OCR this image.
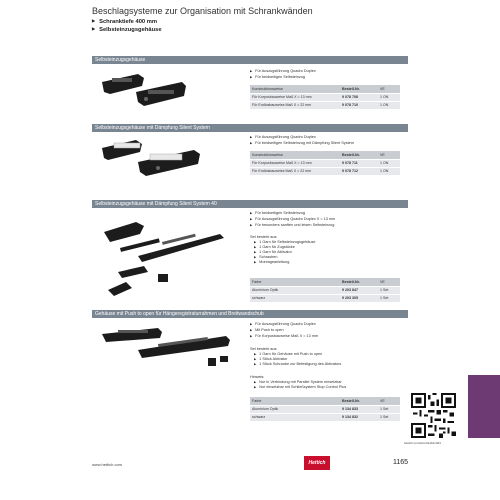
Beschlagsysteme zur Organisation mit Schrankwänden
▶ Schranktiefe 400 mm
▶ Selbsteinzugsgehäuse
Selbsteinzugsgehäuse
▶ Für Auszugsführung Quadro Duplex
▶ Für beidseitigen Selbsteinzug
Konstruktionsweise	Bestell-Nr.	VE
Für Korpusbauweise Maß X = 13 mm	9 078 708	1 ON
Für Endlosbauweise Maß X = 22 mm	9 078 710	1 ON
Selbsteinzugsgehäuse mit Dämpfung Silent System
▶ Für Auszugsführung Quadro Duplex
▶ Für beidseitigen Selbsteinzug mit Dämpfung Silent System
Konstruktionsweise	Bestell-Nr.	VE
Für Korpusbauweise Maß X = 13 mm	9 078 711	1 ON
Für Endlosbauweise Maß X = 22 mm	9 078 712	1 ON
Selbsteinzugsgehäuse mit Dämpfung Silent System 40
▶ Für beidseitigen Selbsteinzug
▶ Für Auszugsführung Quadro Duplex X = 13 mm
▶ Für besonders sanften und leisen Selbsteinzug
Set besteht aus:
▶ 1 Garn für Selbsteinzugsgehäuse
▶ 1 Garn für Zugstücke
▶ 1 Garn für Aktivator
▶ Schrauben
▶ Montageanleitung
Farbe	Bestell-Nr.	VE
Aluminium Optik	9 203 847	1 Set
schwarz	9 203 305	1 Set
Gehäuse mit Push to open für Hängeregistraturrahmen und Breitwandschub
▶ Für Auszugsführung Quadro Duplex
▶ Mit Push to open
▶ Für Korpusbauweise Maß X = 13 mm
Set besteht aus:
▶ 1 Garn für Gehäuse mit Push to open
▶ 1 Stück Aktivator
▶ 1 Stück Schraube zur Befestigung des Aktivators
Hinweis:
▶ Nur in Verbindung mit Parallel System einsetzbar
▶ Nur einsetzbar mit Schließsystem Stop Control Plus
Farbe	Bestell-Nr.	VE
Aluminium Optik	9 134 833	1 Set
schwarz	9 134 832	1 Set
hettich.com/short/a1b2c3d4
www.hettich.com	Hettich	1165
